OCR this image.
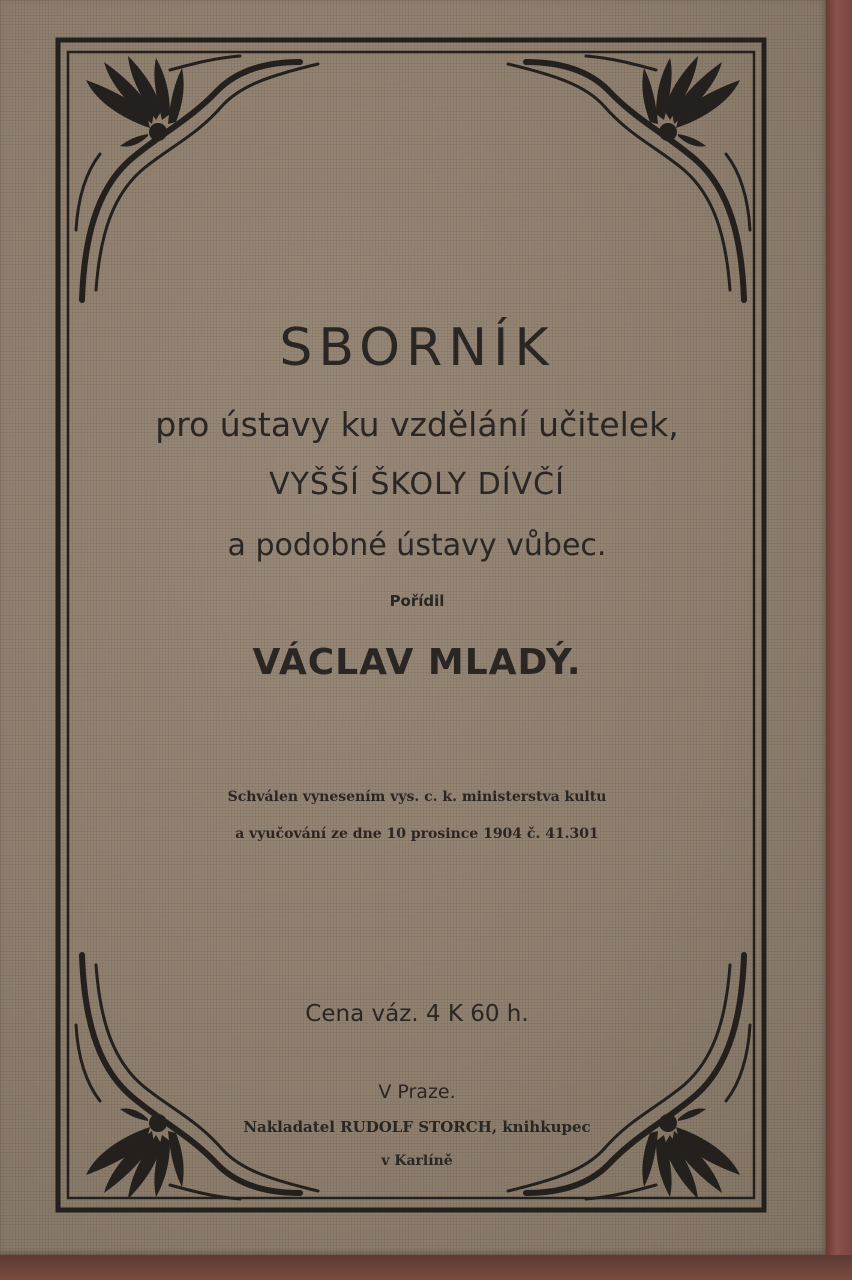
SBORNÍK
pro ústavy ku vzdělání učitelek,
VYŠŠÍ ŠKOLY DÍVČÍ
a podobné ústavy vůbec.
Pořídil
VÁCLAV MLADÝ.
Schválen vynesením vys. c. k. ministerstva kultu
a vyučování ze dne 10 prosince 1904 č. 41.301
Cena váz. 4 K 60 h.
V Praze.
Nakladatel RUDOLF STORCH, knihkupec
v Karlíně
